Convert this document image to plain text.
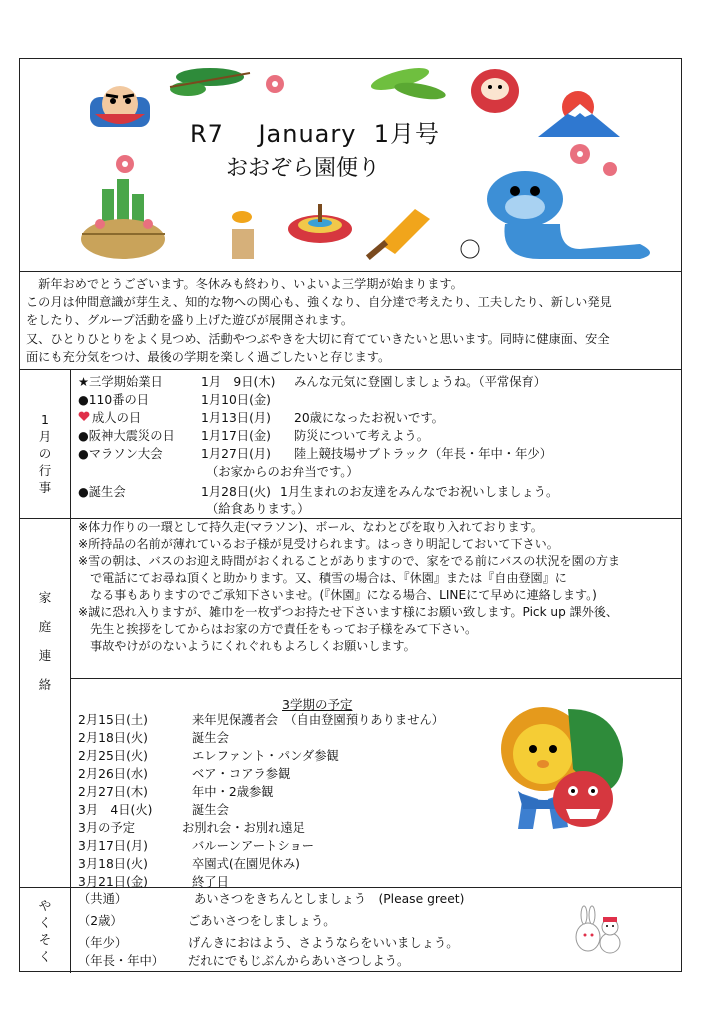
R7    January  1月号
おおぞら園便り
　新年おめでとうございます。冬休みも終わり、いよいよ三学期が始まります。
この月は仲間意識が芽生え、知的な物への関心も、強くなり、自分達で考えたり、工夫したり、新しい発見
をしたり、グループ活動を盛り上げた遊びが展開されます。
又、ひとりひとりをよく見つめ、活動やつぶやきを大切に育てていきたいと思います。同時に健康面、安全
面にも充分気をつけ、最後の学期を楽しく過ごしたいと存じます。
1
月
の
行
事
★三学期始業日	1月　9日(木) みんな元気に登園しましょうね。（平常保育）
●110番の日	1月10日(金)
成人の日	1月13日(月) 20歳になったお祝いです。
●阪神大震災の日 1月17日(金) 防災について考えよう。
●マラソン大会	1月27日(月) 陸上競技場サブトラック（年長・年中・年少）
（お家からのお弁当です。）
●誕生会	1月28日(火) 1月生まれのお友達をみんなでお祝いしましょう。
（給食あります。）
家
庭
連
絡
※体力作りの一環として持久走(マラソン)、ボール、なわとびを取り入れております。
※所持品の名前が薄れているお子様が見受けられます。はっきり明記しておいて下さい。
※雪の朝は、バスのお迎え時間がおくれることがありますので、家をでる前にバスの状況を園の方ま
　で電話にてお尋ね頂くと助かります。又、積雪の場合は、『休園』または『自由登園』に
　なる事もありますのでご承知下さいませ。(『休園』になる場合、LINEにて早めに連絡します。)
※誠に恐れ入りますが、雑巾を一枚ずつお持たせ下さいます様にお願い致します。Pick up 課外後、
　先生と挨拶をしてからはお家の方で責任をもってお子様をみて下さい。
　事故やけがのないようにくれぐれもよろしくお願いします。
3学期の予定
2月15日(土)	来年児保護者会　（自由登園預りありません）
2月18日(火)	誕生会
2月25日(火)	エレファント・パンダ参観
2月26日(水)	ベア・コアラ参観
2月27日(木)	年中・2歳参観
3月　4日(火)	誕生会
3月の予定	お別れ会・お別れ遠足
3月17日(月)	バルーンアートショー
3月18日(火)	卒園式(在園児休み)
3月21日(金)	終了日
や
く
そ
く
（共通）	あいさつをきちんとしましょう　(Please greet)
（2歳）	ごあいさつをしましょう。
（年少）	げんきにおはよう、さようならをいいましょう。
（年長・年中） だれにでもじぶんからあいさつしよう。
